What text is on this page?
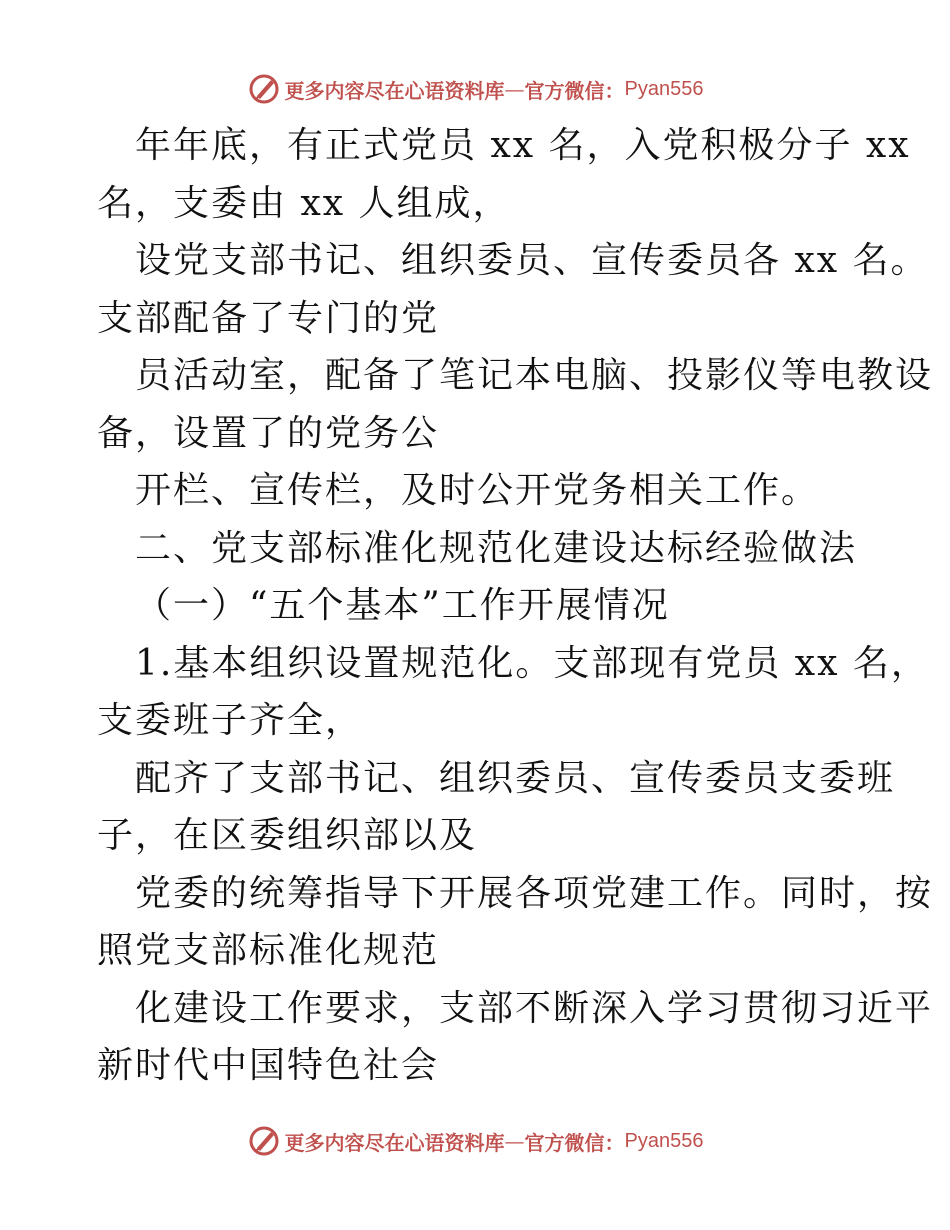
更多内容尽在心语资料库 — 官方微信： Pyan556
年年底，有正式党员 xx 名，入党积极分子 xx
名，支委由 xx 人组成，
设党支部书记、组织委员、宣传委员各 xx 名。
支部配备了专门的党
员活动室，配备了笔记本电脑、投影仪等电教设
备，设置了的党务公
开栏、宣传栏，及时公开党务相关工作。
二、党支部标准化规范化建设达标经验做法
（一）“五个基本”工作开展情况
1.基本组织设置规范化。支部现有党员 xx 名，
支委班子齐全，
配齐了支部书记、组织委员、宣传委员支委班
子，在区委组织部以及
党委的统筹指导下开展各项党建工作。同时，按
照党支部标准化规范
化建设工作要求，支部不断深入学习贯彻习近平
新时代中国特色社会
更多内容尽在心语资料库 — 官方微信： Pyan556
